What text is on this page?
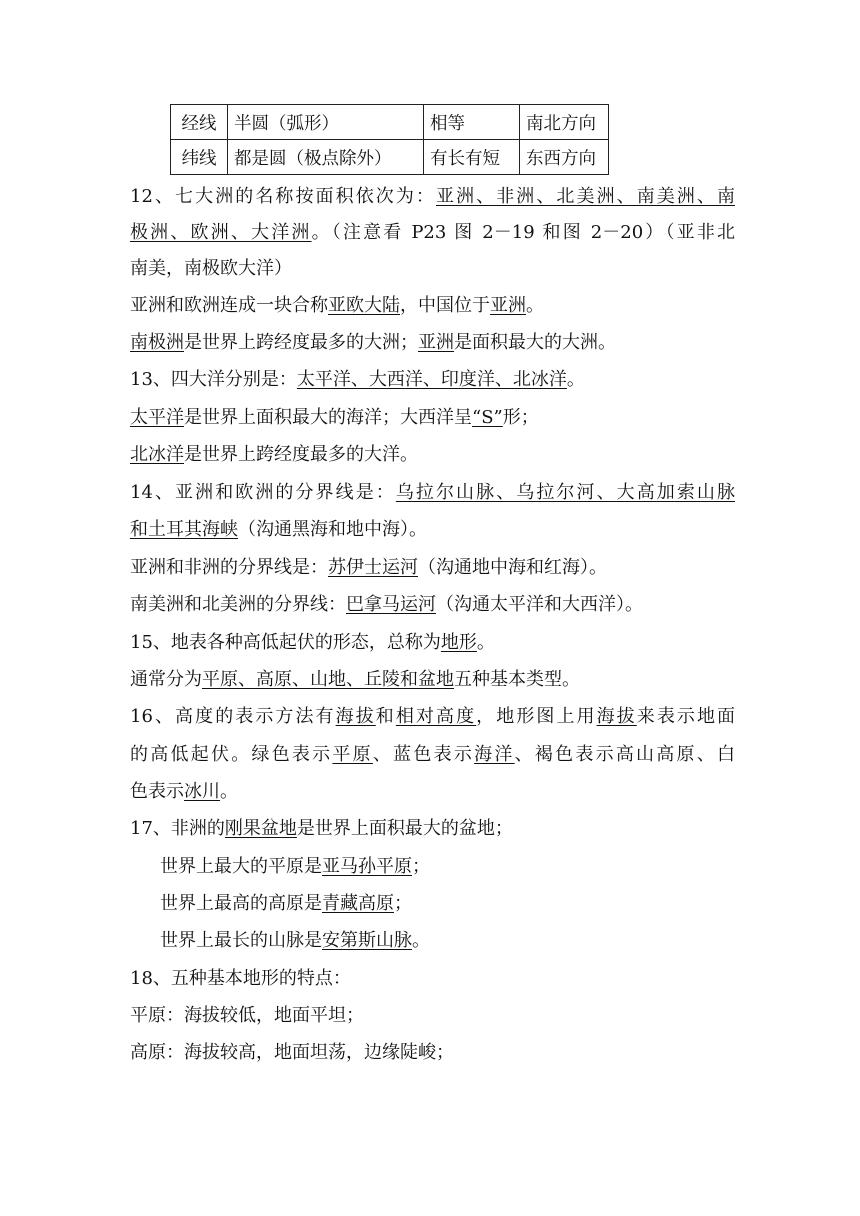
经线	半圆（弧形）	相等	南北方向
纬线	都是圆（极点除外）	有长有短	东西方向
12、七大洲的名称按面积依次为：亚洲、非洲、北美洲、南美洲、南
极洲、欧洲、大洋洲。（注意看 P23 图 2－19 和图 2－20）（亚非北
南美，南极欧大洋）
亚洲和欧洲连成一块合称亚欧大陆，中国位于亚洲。
南极洲是世界上跨经度最多的大洲；亚洲是面积最大的大洲。
13、四大洋分别是：太平洋、大西洋、印度洋、北冰洋。
太平洋是世界上面积最大的海洋；大西洋呈“S”形；
北冰洋是世界上跨经度最多的大洋。
14、亚洲和欧洲的分界线是：乌拉尔山脉、乌拉尔河、大高加索山脉
和土耳其海峡（沟通黑海和地中海）。
亚洲和非洲的分界线是：苏伊士运河（沟通地中海和红海）。
南美洲和北美洲的分界线：巴拿马运河（沟通太平洋和大西洋）。
15、地表各种高低起伏的形态，总称为地形。
通常分为平原、高原、山地、丘陵和盆地五种基本类型。
16、高度的表示方法有海拔和相对高度，地形图上用海拔来表示地面
的高低起伏。绿色表示平原、蓝色表示海洋、褐色表示高山高原、白
色表示冰川。
17、非洲的刚果盆地是世界上面积最大的盆地；
世界上最大的平原是亚马孙平原；
世界上最高的高原是青藏高原；
世界上最长的山脉是安第斯山脉。
18、五种基本地形的特点：
平原：海拔较低，地面平坦；
高原：海拔较高，地面坦荡，边缘陡峻；
